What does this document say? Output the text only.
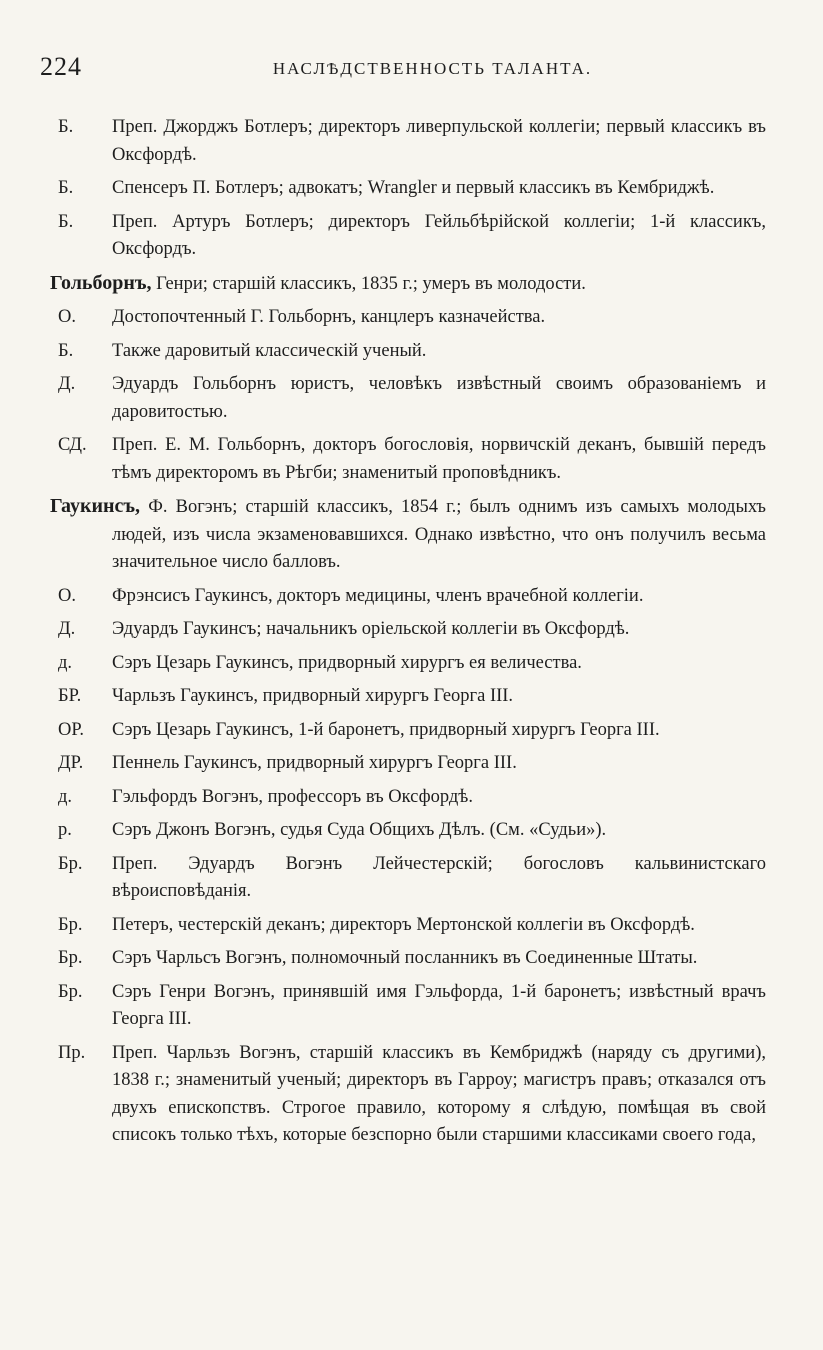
224	НАСЛѢДСТВЕННОСТЬ ТАЛАНТА.

Б.	Преп. Джорджъ Ботлеръ; директоръ ливерпульской коллегіи; первый классикъ въ Оксфордѣ.

Б.	Спенсеръ П. Ботлеръ; адвокатъ; Wrangler и первый классикъ въ Кембриджѣ.

Б.	Преп. Артуръ Ботлеръ; директоръ Гейльбѣрійской коллегіи; 1-й классикъ, Оксфордъ.

Гольборнъ, Генри; старшій классикъ, 1835 г.; умеръ въ молодости.

О.	Достопочтенный Г. Гольборнъ, канцлеръ казначейства.

Б.	Также даровитый классическій ученый.

Д.	Эдуардъ Гольборнъ юристъ, человѣкъ извѣстный своимъ образованіемъ и даровитостью.

СД.	Преп. Е. М. Гольборнъ, докторъ богословія, норвичскій деканъ, бывшій передъ тѣмъ директоромъ въ Рѣгби; знаменитый проповѣдникъ.

Гаукинсъ, Ф. Вогэнъ; старшій классикъ, 1854 г.; былъ однимъ изъ самыхъ молодыхъ людей, изъ числа экзаменовавшихся. Однако извѣстно, что онъ получилъ весьма значительное число балловъ.

О.	Фрэнсисъ Гаукинсъ, докторъ медицины, членъ врачебной коллегіи.

Д.	Эдуардъ Гаукинсъ; начальникъ оріельской коллегіи въ Оксфордѣ.

д.	Сэръ Цезарь Гаукинсъ, придворный хирургъ ея величества.

БР.	Чарльзъ Гаукинсъ, придворный хирургъ Георга III.

ОР.	Сэръ Цезарь Гаукинсъ, 1-й баронетъ, придворный хирургъ Георга III.

ДР.	Пеннель Гаукинсъ, придворный хирургъ Георга III.

д.	Гэльфордъ Вогэнъ, профессоръ въ Оксфордѣ.

р.	Сэръ Джонъ Вогэнъ, судья Суда Общихъ Дѣлъ. (См. «Судьи»).

Бр.	Преп. Эдуардъ Вогэнъ Лейчестерскій; богословъ кальвинистскаго вѣроисповѣданія.

Бр.	Петеръ, честерскій деканъ; директоръ Мертонской коллегіи въ Оксфордѣ.

Бр.	Сэръ Чарльсъ Вогэнъ, полномочный посланникъ въ Соединенные Штаты.

Бр.	Сэръ Генри Вогэнъ, принявшій имя Гэльфорда, 1-й баронетъ; извѣстный врачъ Георга III.

Пр.	Преп. Чарльзъ Вогэнъ, старшій классикъ въ Кембриджѣ (наряду съ другими), 1838 г.; знаменитый ученый; директоръ въ Гарроу; магистръ правъ; отказался отъ двухъ епископствъ. Строгое правило, которому я слѣдую, помѣщая въ свой списокъ только тѣхъ, которые безспорно были старшими классиками своего года,
